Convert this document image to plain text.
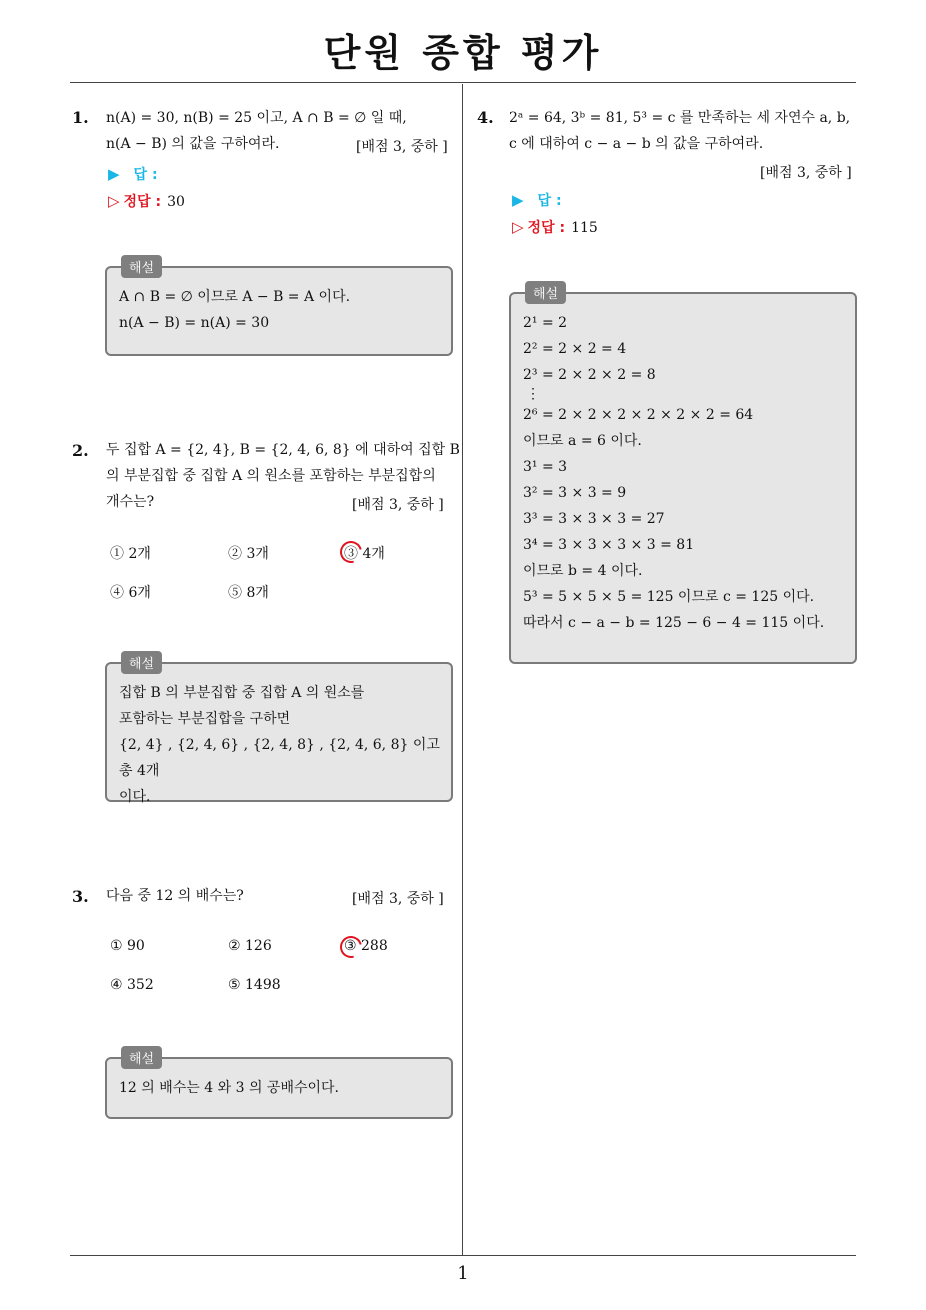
단원 종합 평가
1
1. n(A) = 30, n(B) = 25 이고, A ∩ B = ∅ 일 때,
n(A − B) 의 값을 구하여라.	[배점 3, 중하 ]
▶ 답 :
▷ 정답 : 30
해설
A ∩ B = ∅ 이므로 A − B = A 이다.
n(A − B) = n(A) = 30
2. 두 집합 A = {2, 4}, B = {2, 4, 6, 8} 에 대하여 집합 B
의 부분집합 중 집합 A 의 원소를 포함하는 부분집합의
개수는?	[배점 3, 중하 ]
① 2개	② 3개	③ 4개
④ 6개	⑤ 8개
해설
집합 B 의 부분집합 중 집합 A 의 원소를
포함하는 부분집합을 구하면
{2, 4} , {2, 4, 6} , {2, 4, 8} , {2, 4, 6, 8} 이고 총 4개
이다.
3. 다음 중 12 의 배수는?	[배점 3, 중하 ]
① 90	② 126	③ 288
④ 352	⑤ 1498
해설
12 의 배수는 4 와 3 의 공배수이다.
4. 2ᵃ = 64, 3ᵇ = 81, 5³ = c 를 만족하는 세 자연수 a, b,
c 에 대하여 c − a − b 의 값을 구하여라.
[배점 3, 중하 ]
▶ 답 :
▷ 정답 : 115
해설
2¹ = 2
2² = 2 × 2 = 4
2³ = 2 × 2 × 2 = 8
⋮
2⁶ = 2 × 2 × 2 × 2 × 2 × 2 = 64
이므로 a = 6 이다.
3¹ = 3
3² = 3 × 3 = 9
3³ = 3 × 3 × 3 = 27
3⁴ = 3 × 3 × 3 × 3 = 81
이므로 b = 4 이다.
5³ = 5 × 5 × 5 = 125 이므로 c = 125 이다.
따라서 c − a − b = 125 − 6 − 4 = 115 이다.
